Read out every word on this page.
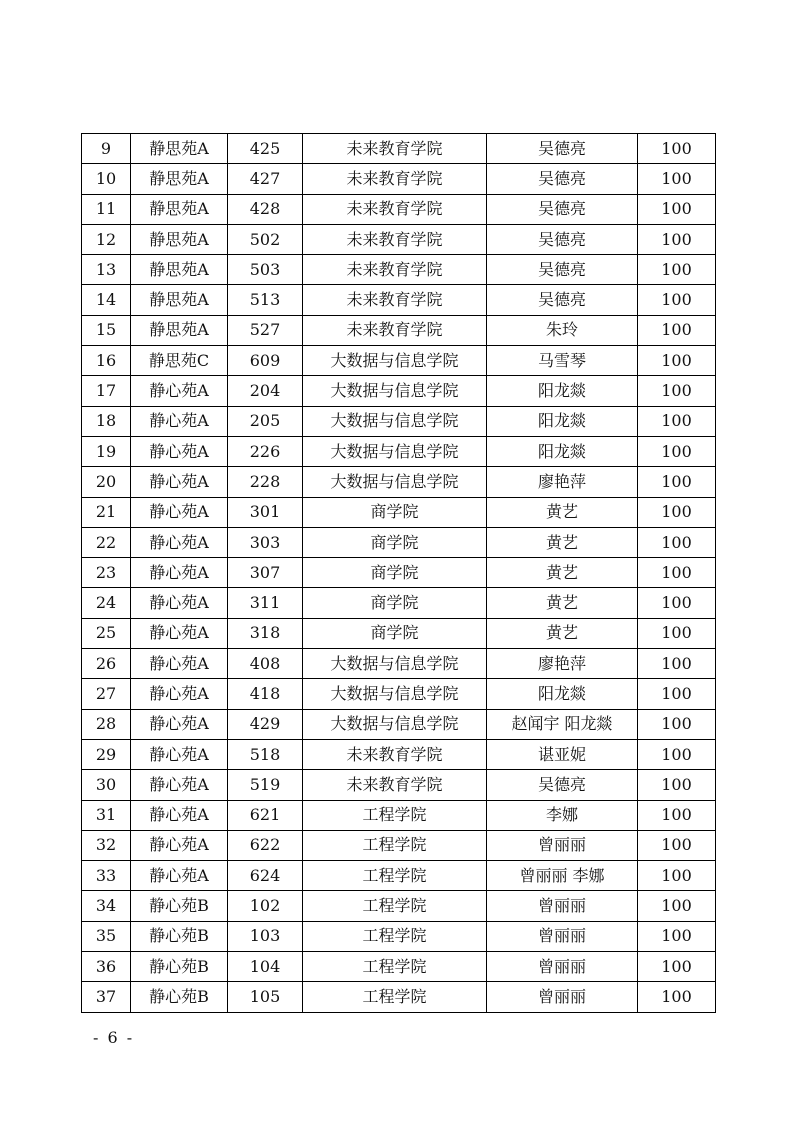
9	静思苑A	425	未来教育学院	吴德亮	100
10	静思苑A	427	未来教育学院	吴德亮	100
11	静思苑A	428	未来教育学院	吴德亮	100
12	静思苑A	502	未来教育学院	吴德亮	100
13	静思苑A	503	未来教育学院	吴德亮	100
14	静思苑A	513	未来教育学院	吴德亮	100
15	静思苑A	527	未来教育学院	朱玲	100
16	静思苑C	609	大数据与信息学院	马雪琴	100
17	静心苑A	204	大数据与信息学院	阳龙燚	100
18	静心苑A	205	大数据与信息学院	阳龙燚	100
19	静心苑A	226	大数据与信息学院	阳龙燚	100
20	静心苑A	228	大数据与信息学院	廖艳萍	100
21	静心苑A	301	商学院	黄艺	100
22	静心苑A	303	商学院	黄艺	100
23	静心苑A	307	商学院	黄艺	100
24	静心苑A	311	商学院	黄艺	100
25	静心苑A	318	商学院	黄艺	100
26	静心苑A	408	大数据与信息学院	廖艳萍	100
27	静心苑A	418	大数据与信息学院	阳龙燚	100
28	静心苑A	429	大数据与信息学院	赵闻宇 阳龙燚	100
29	静心苑A	518	未来教育学院	谌亚妮	100
30	静心苑A	519	未来教育学院	吴德亮	100
31	静心苑A	621	工程学院	李娜	100
32	静心苑A	622	工程学院	曾丽丽	100
33	静心苑A	624	工程学院	曾丽丽 李娜	100
34	静心苑B	102	工程学院	曾丽丽	100
35	静心苑B	103	工程学院	曾丽丽	100
36	静心苑B	104	工程学院	曾丽丽	100
37	静心苑B	105	工程学院	曾丽丽	100
- 6 -
